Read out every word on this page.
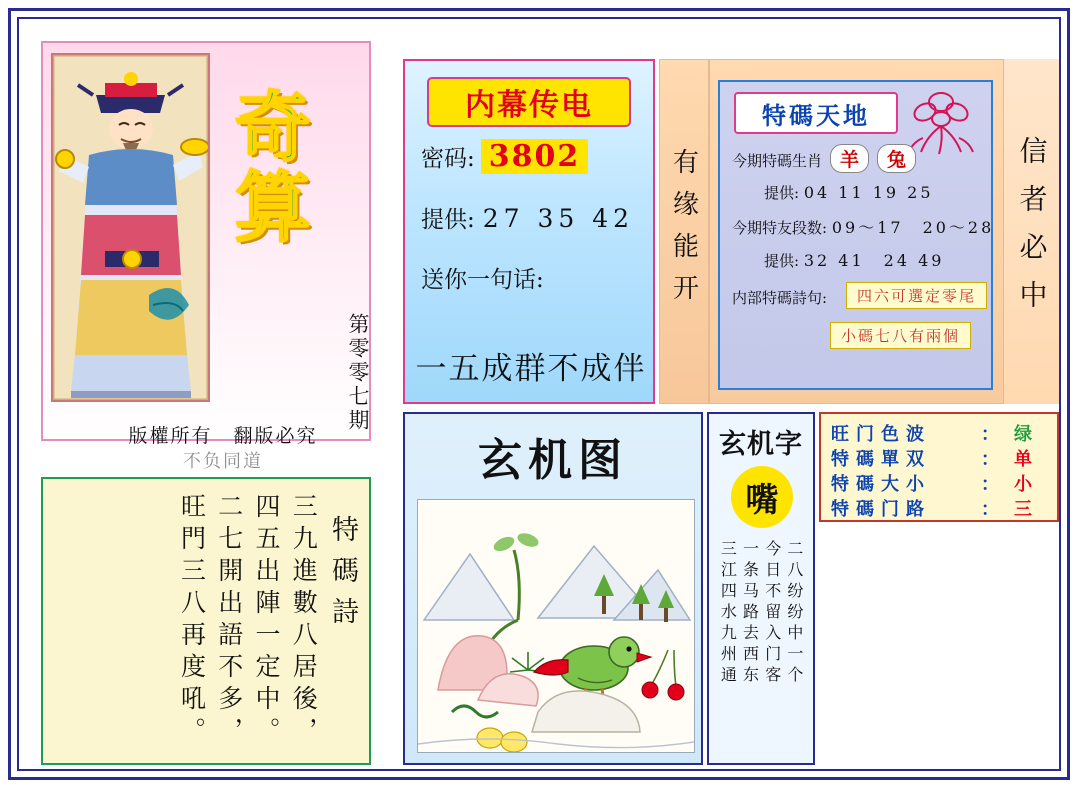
奇算
第零零七期
版權所有　翻版必究
不负同道
特碼詩
三九進數八居後，
四五出陣一定中。
二七開出語不多，
旺門三八再度吼。
内幕传电
密码: 3802
提供: 27 35 42
送你一句话:
一五成群不成伴
有缘能开
特碼天地
今期特碼生肖 羊 兔
提供: 04 11 19 25
今期特友段数: 09～17　20～28
提供: 32 41　24 49
内部特碼詩句:	四六可選定零尾
小碼七八有兩個
信者必中
玄机图	玄机字
嘴
二八纷纷中一个
今日不留入门客
一条马路去西东
三江四水九州通
旺门色波	： 绿
特碼單双	： 单
特碼大小	： 小
特碼门路	： 三
